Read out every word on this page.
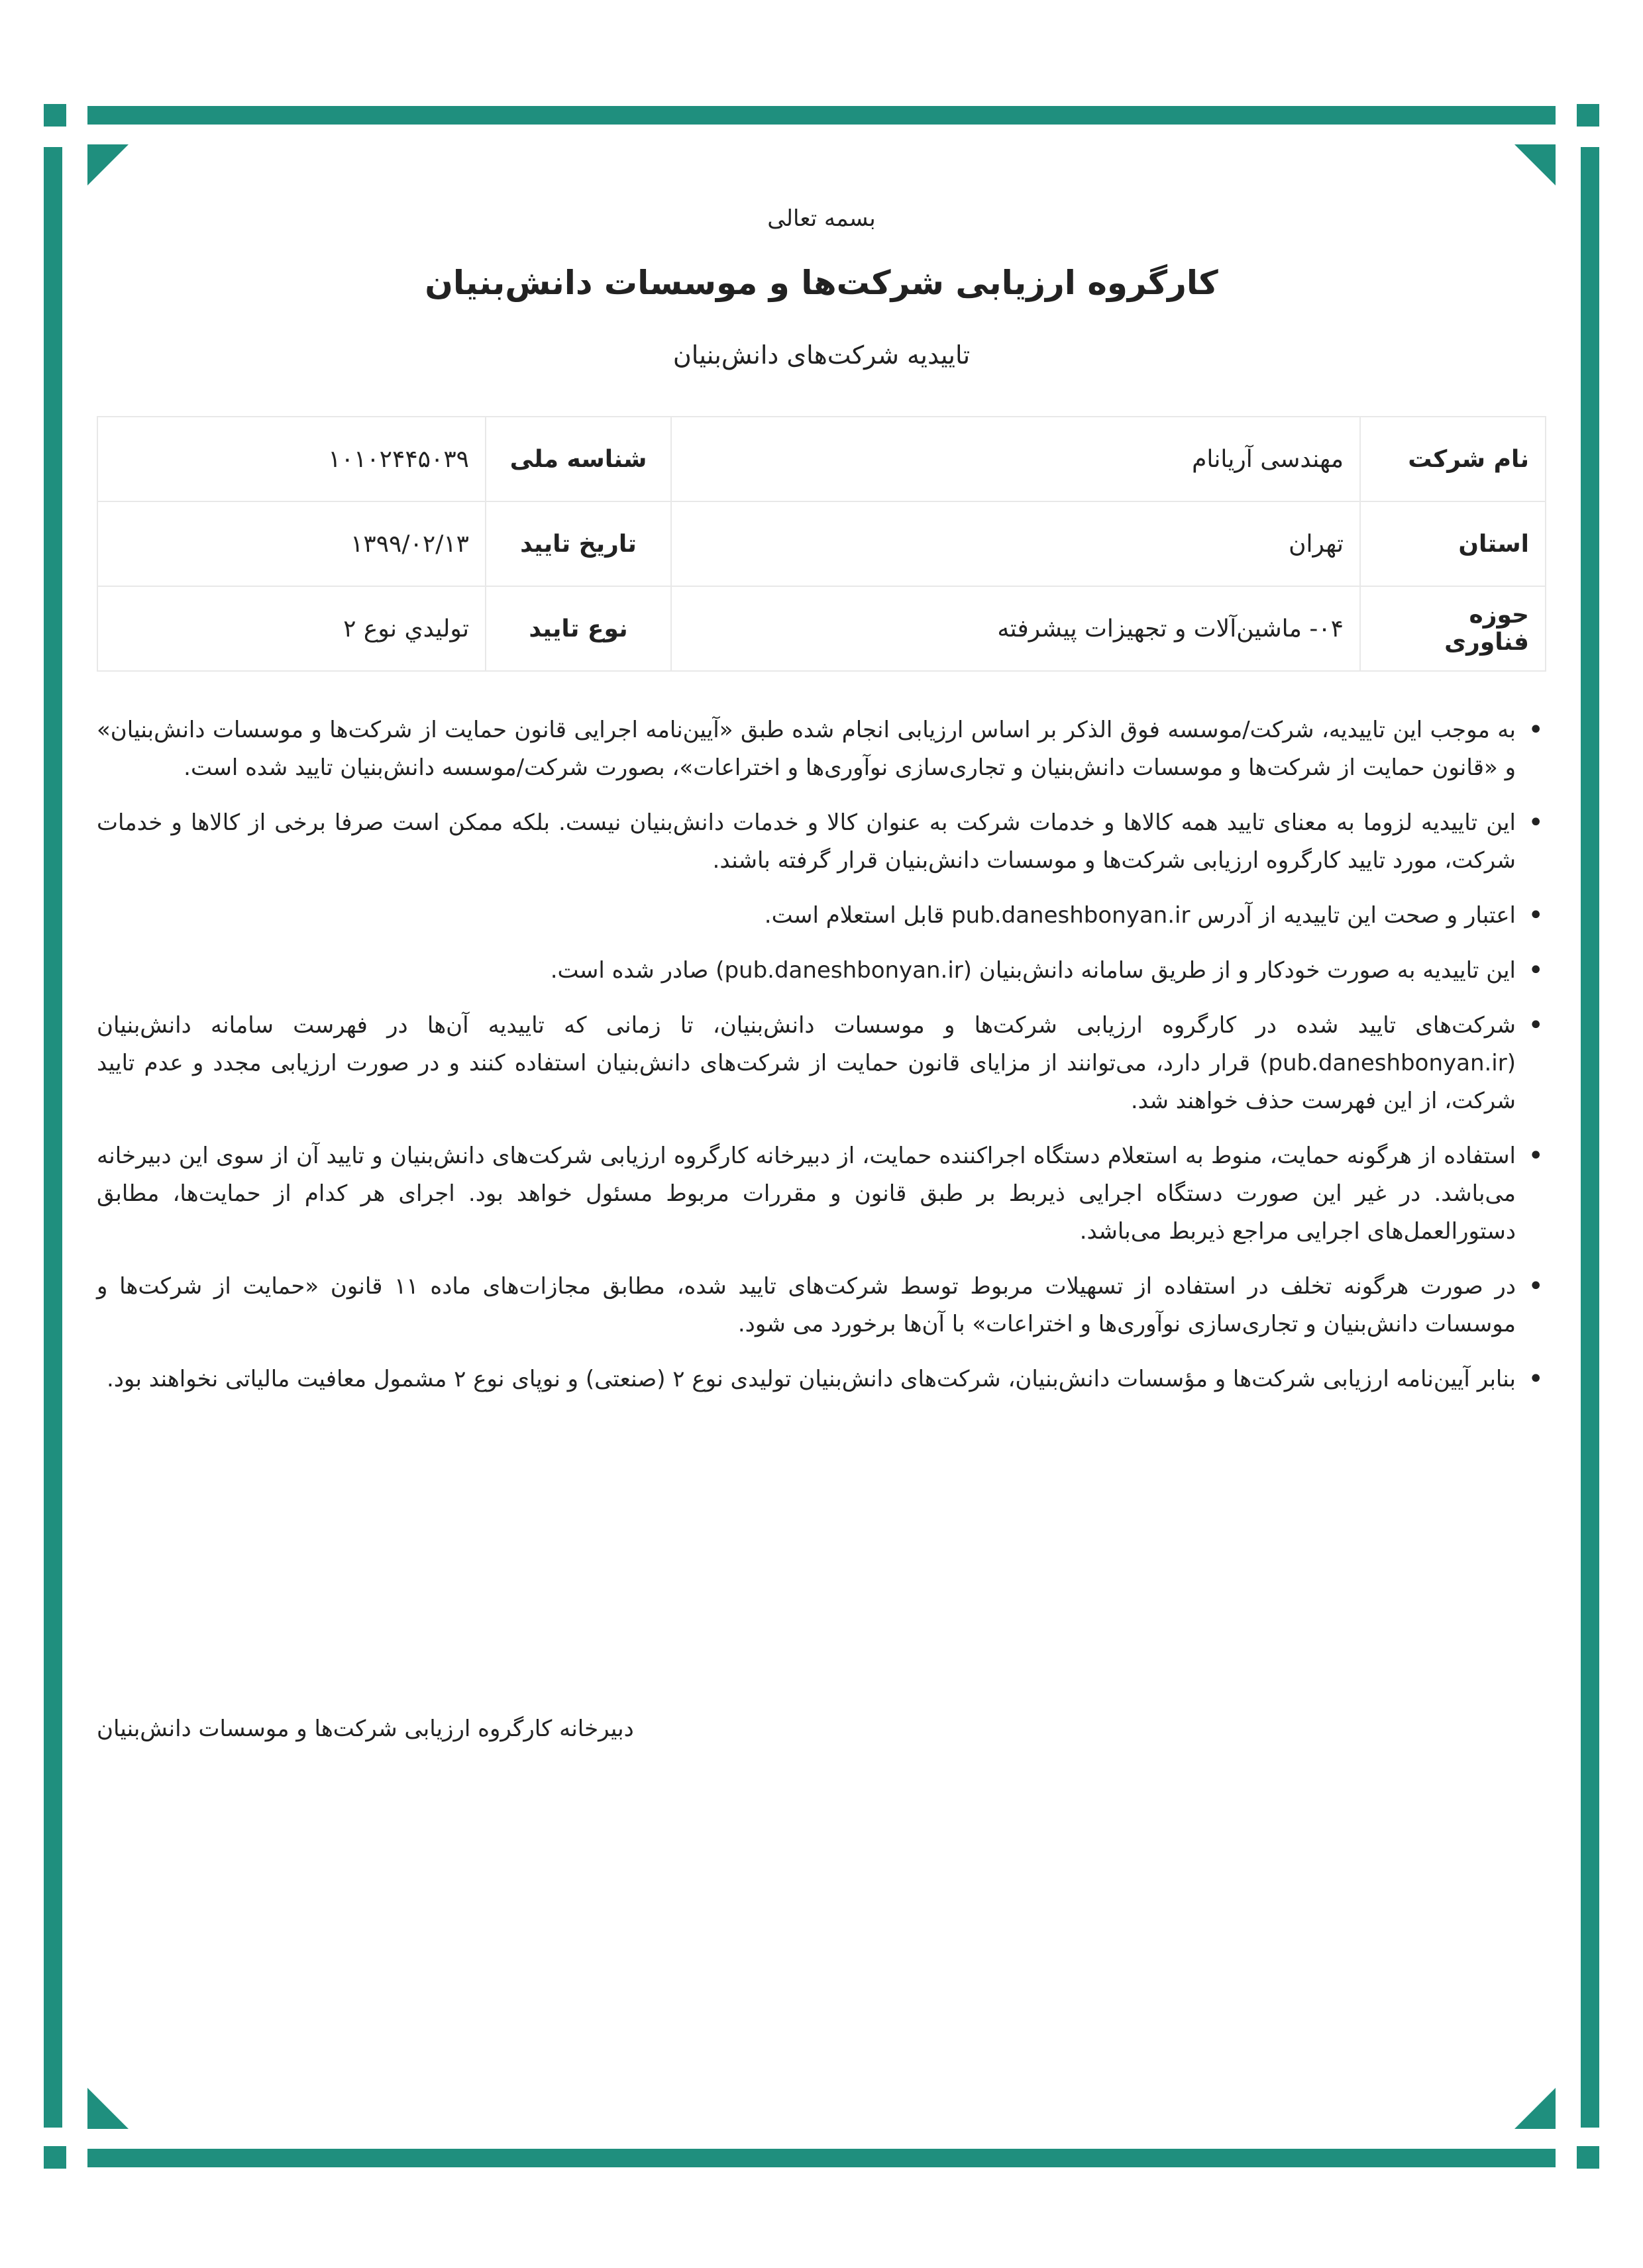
بسمه تعالی
کارگروه ارزیابی شرکت‌ها و موسسات دانش‌بنیان
تاییدیه شرکت‌های دانش‌بنیان
نام شرکت	مهندسی آریانام	شناسه ملی	۱۰۱۰۲۴۴۵۰۳۹
استان	تهران	تاریخ تایید	۱۳۹۹/۰۲/۱۳
حوزه فناوری	۰۴- ماشین‌آلات و تجهیزات پیشرفته	نوع تایید	توليدي نوع ۲
• به موجب این تاییدیه، شرکت/موسسه فوق الذکر بر اساس ارزیابی انجام شده طبق «آیین‌نامه اجرایی قانون حمایت از شرکت‌ها و موسسات دانش‌بنیان» و «قانون حمایت از شرکت‌ها و موسسات دانش‌بنیان و تجاری‌سازی نوآوری‌ها و اختراعات»، بصورت شرکت/موسسه دانش‌بنیان تایید شده است.
• این تاییدیه لزوما به معنای تایید همه کالاها و خدمات شرکت به عنوان کالا و خدمات دانش‌بنیان نیست. بلکه ممکن است صرفا برخی از کالاها و خدمات شرکت، مورد تایید کارگروه ارزیابی شرکت‌ها و موسسات دانش‌بنیان قرار گرفته باشند.
• اعتبار و صحت این تاییدیه از آدرس pub.daneshbonyan.ir قابل استعلام است.
• این تاییدیه به صورت خودکار و از طریق سامانه دانش‌بنیان (pub.daneshbonyan.ir) صادر شده است.
• شرکت‌های تایید شده در کارگروه ارزیابی شرکت‌ها و موسسات دانش‌بنیان، تا زمانی که تاییدیه آن‌ها در فهرست سامانه دانش‌بنیان (pub.daneshbonyan.ir) قرار دارد، می‌توانند از مزایای قانون حمایت از شرکت‌های دانش‌بنیان استفاده کنند و در صورت ارزیابی مجدد و عدم تایید شرکت، از این فهرست حذف خواهند شد.
• استفاده از هرگونه حمایت، منوط به استعلام دستگاه اجراکننده حمایت، از دبیرخانه کارگروه ارزیابی شرکت‌های دانش‌بنیان و تایید آن از سوی این دبیرخانه می‌باشد. در غیر این صورت دستگاه اجرایی ذیربط بر طبق قانون و مقررات مربوط مسئول خواهد بود. اجرای هر کدام از حمایت‌ها، مطابق دستورالعمل‌های اجرایی مراجع ذیربط می‌باشد.
• در صورت هرگونه تخلف در استفاده از تسهیلات مربوط توسط شرکت‌های تایید شده، مطابق مجازات‌های ماده ۱۱ قانون «حمایت از شرکت‌ها و موسسات دانش‌بنیان و تجاری‌سازی نوآوری‌ها و اختراعات» با آن‌ها برخورد می شود.
• بنابر آیین‌نامه ارزیابی شرکت‌ها و مؤسسات دانش‌بنیان، شرکت‌های دانش‌بنیان تولیدی نوع ۲ (صنعتی) و نوپای نوع ۲ مشمول معافیت مالیاتی نخواهند بود.
دبیرخانه کارگروه ارزیابی شرکت‌ها و موسسات دانش‌بنیان
